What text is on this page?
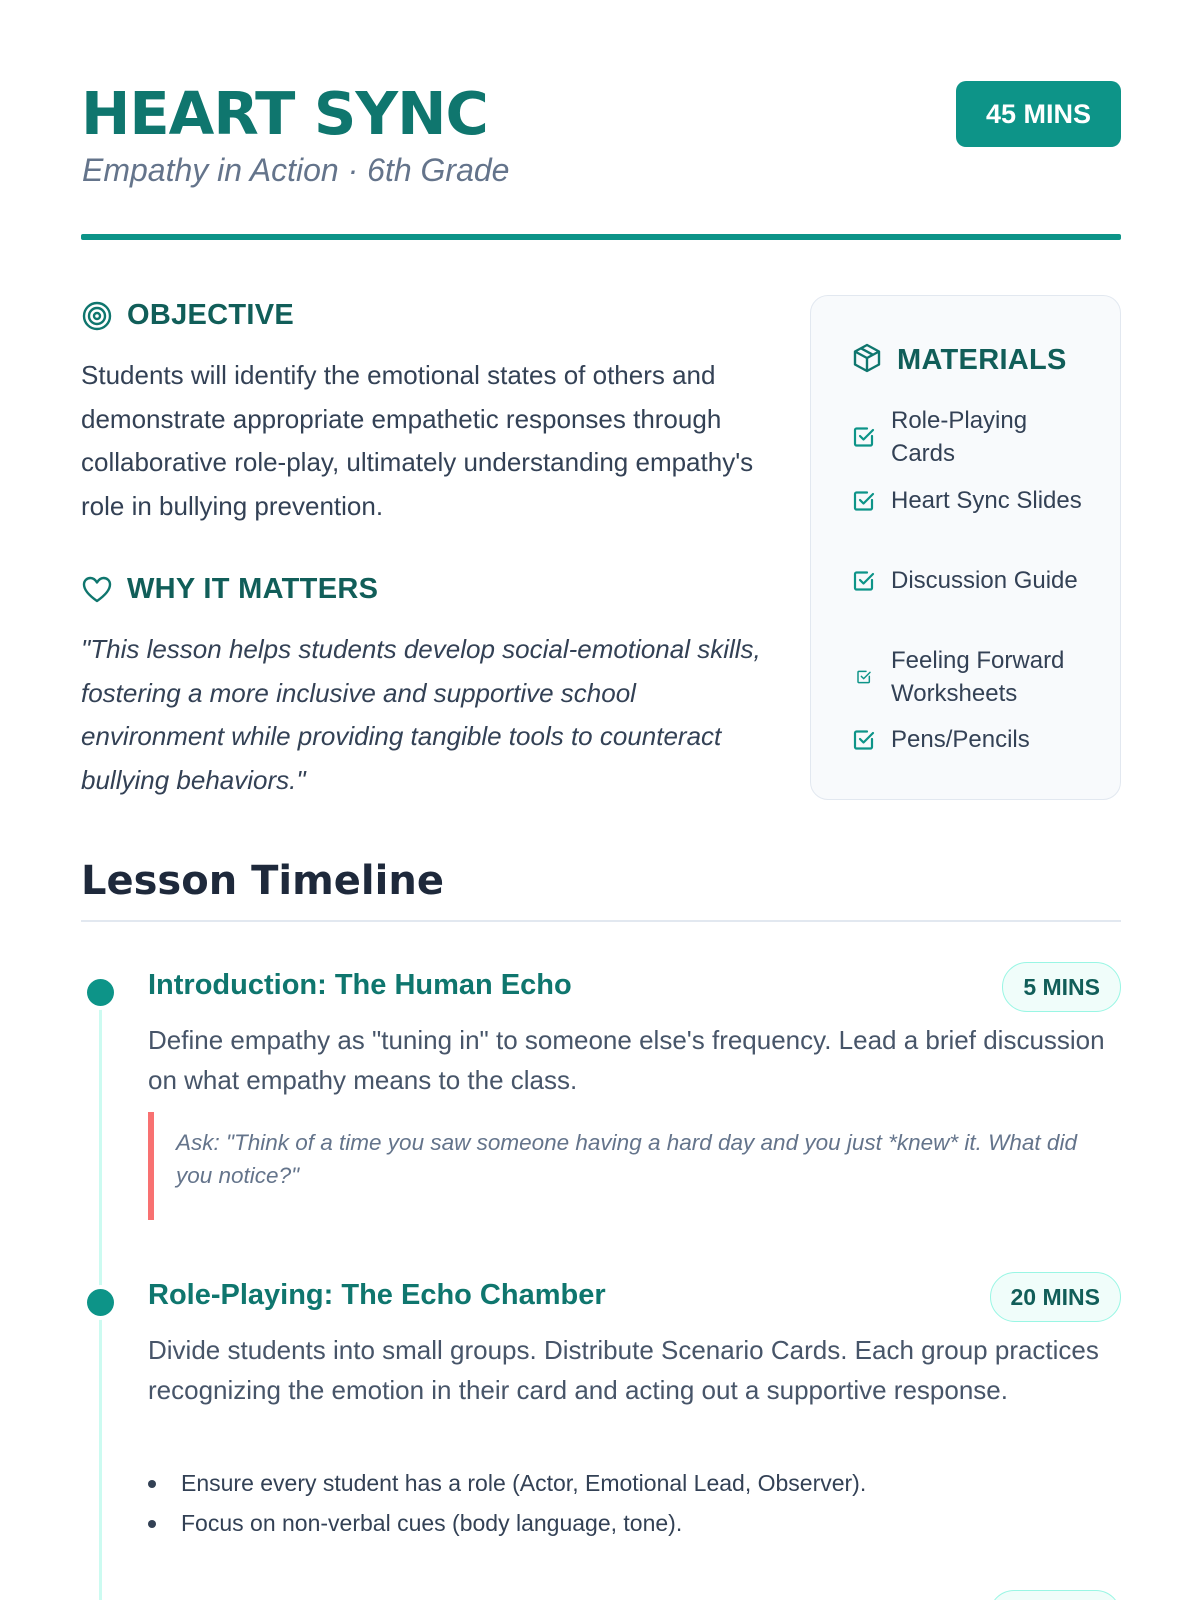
HEART SYNC
Empathy in Action · 6th Grade
45 MINS
OBJECTIVE

Students will identify the emotional states of others and demonstrate appropriate empathetic responses through collaborative role-play, ultimately understanding empathy's role in bullying prevention.

WHY IT MATTERS

"This lesson helps students develop social-emotional skills, fostering a more inclusive and supportive school environment while providing tangible tools to counteract bullying behaviors."

MATERIALS
Role-Playing Cards
Heart Sync Slides
Discussion Guide
Feeling Forward Worksheets
Pens/Pencils
Lesson Timeline
Introduction: The Human Echo	5 MINS

Define empathy as "tuning in" to someone else's frequency. Lead a brief discussion on what empathy means to the class.

Ask: "Think of a time you saw someone having a hard day and you just *knew* it. What did you notice?"
Role-Playing: The Echo Chamber	20 MINS

Divide students into small groups. Distribute Scenario Cards. Each group practices recognizing the emotion in their card and acting out a supportive response.

Ensure every student has a role (Actor, Emotional Lead, Observer).
Focus on non-verbal cues (body language, tone).
